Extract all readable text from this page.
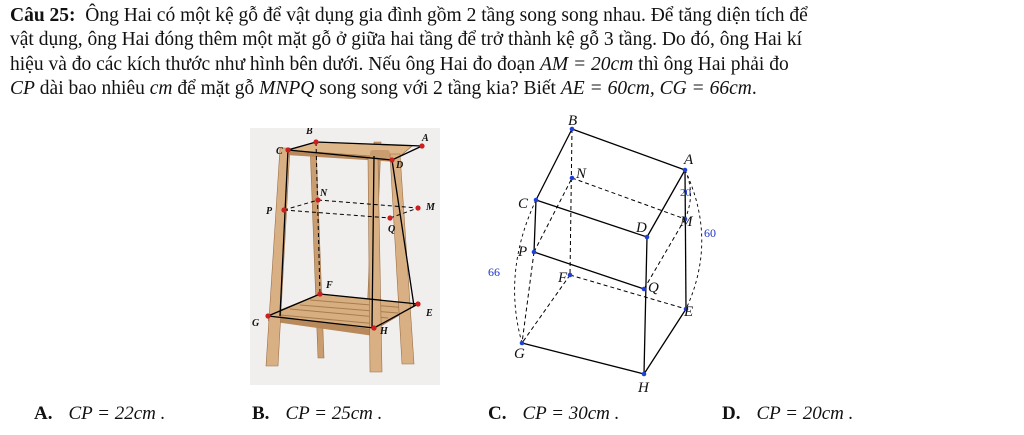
Câu 25: Ông Hai có một kệ gỗ để vật dụng gia đình gồm 2 tầng song song nhau. Để tăng diện tích để
vật dụng, ông Hai đóng thêm một mặt gỗ ở giữa hai tầng để trở thành kệ gỗ 3 tầng. Do đó, ông Hai kí
hiệu và đo các kích thước như hình bên dưới. Nếu ông Hai đo đoạn AM = 20cm thì ông Hai phải đo
CP dài bao nhiêu cm để mặt gỗ MNPQ song song với 2 tầng kia? Biết AE = 60cm, CG = 66cm.
B
A
C
D
M
N
P
Q
E
F
G
H
B
A
C
D
N
M
P
Q
F
E
G
H
20
60
66
A. CP = 22cm .	B. CP = 25cm .	C. CP = 30cm .	D. CP = 20cm .
